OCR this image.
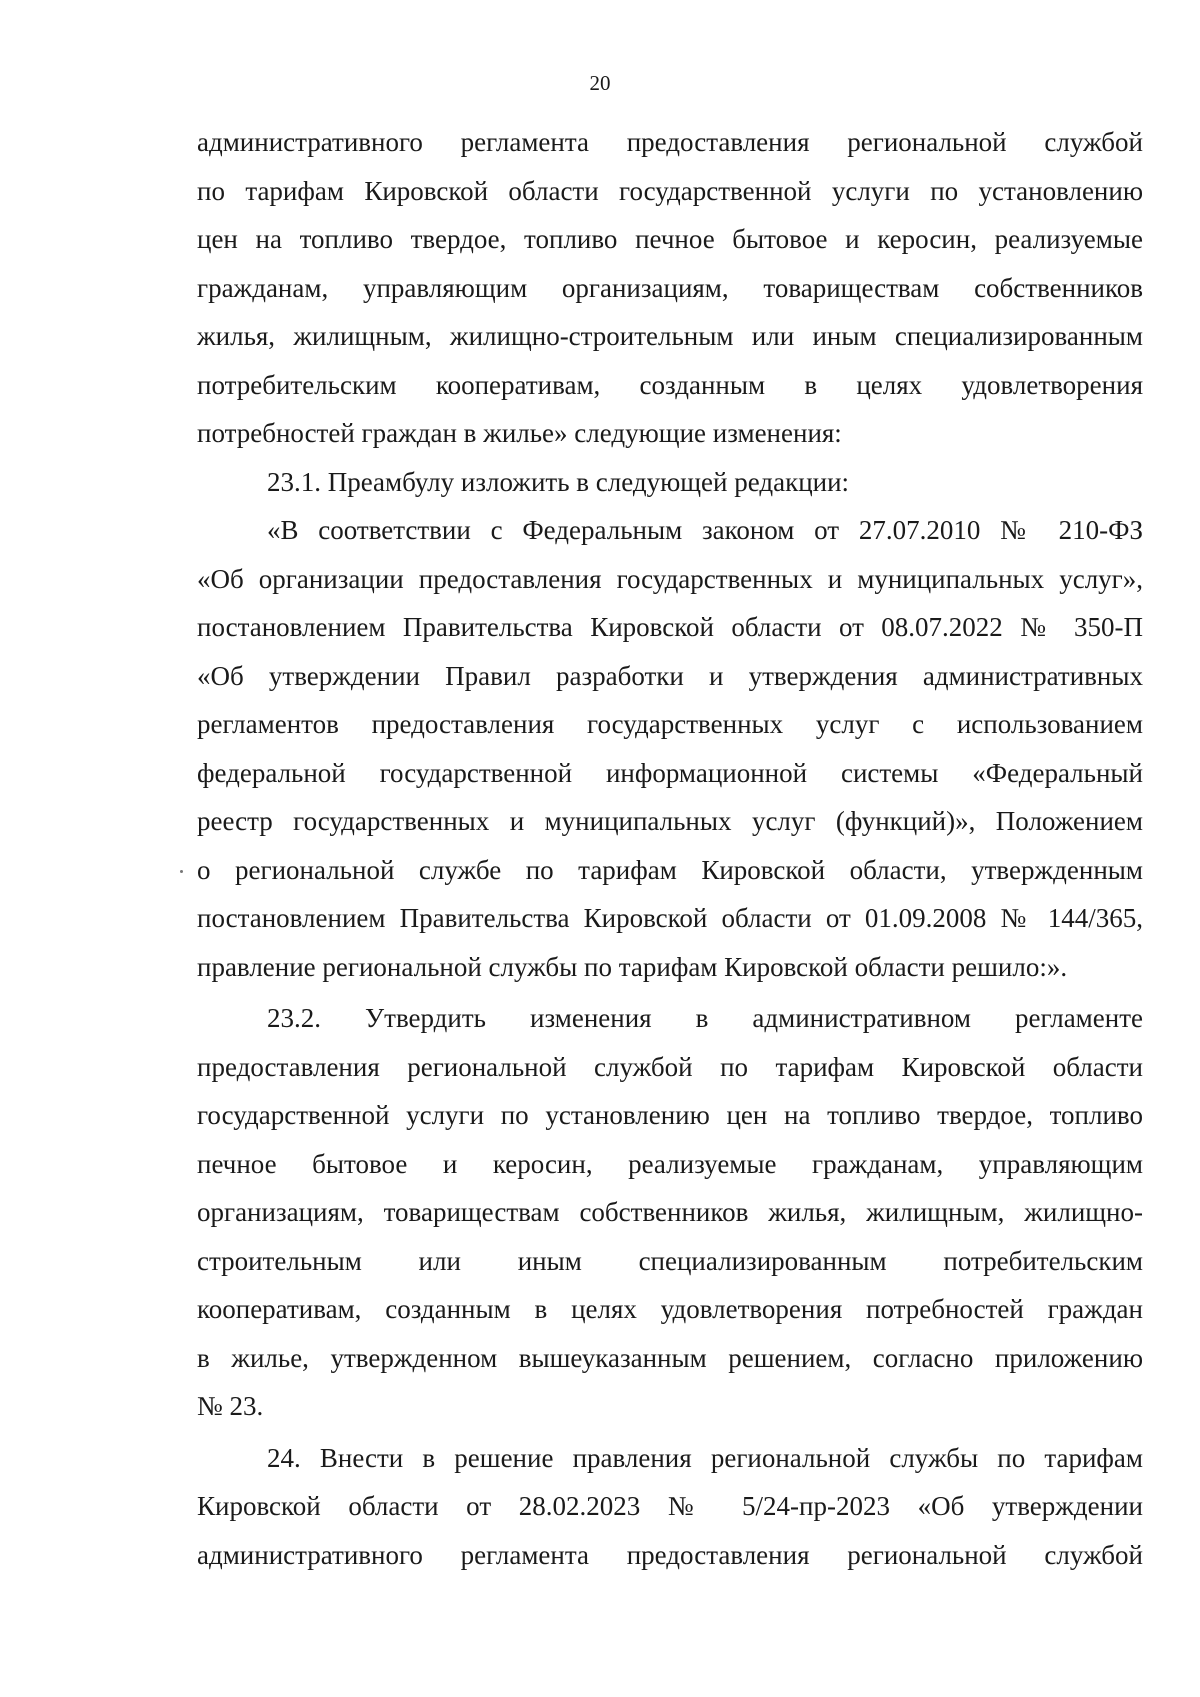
20
административного регламента предоставления региональной службой
по тарифам Кировской области государственной услуги по установлению
цен на топливо твердое, топливо печное бытовое и керосин, реализуемые
гражданам, управляющим организациям, товариществам собственников
жилья, жилищным, жилищно-строительным или иным специализированным
потребительским кооперативам, созданным в целях удовлетворения
потребностей граждан в жилье» следующие изменения:
23.1. Преамбулу изложить в следующей редакции:
«В соответствии с Федеральным законом от 27.07.2010 № 210-ФЗ
«Об организации предоставления государственных и муниципальных услуг»,
постановлением Правительства Кировской области от 08.07.2022 № 350-П
«Об утверждении Правил разработки и утверждения административных
регламентов предоставления государственных услуг с использованием
федеральной государственной информационной системы «Федеральный
реестр государственных и муниципальных услуг (функций)», Положением
о региональной службе по тарифам Кировской области, утвержденным
постановлением Правительства Кировской области от 01.09.2008 № 144/365,
правление региональной службы по тарифам Кировской области решило:».
23.2. Утвердить изменения в административном регламенте
предоставления региональной службой по тарифам Кировской области
государственной услуги по установлению цен на топливо твердое, топливо
печное бытовое и керосин, реализуемые гражданам, управляющим
организациям, товариществам собственников жилья, жилищным, жилищно-
строительным или иным специализированным потребительским
кооперативам, созданным в целях удовлетворения потребностей граждан
в жилье, утвержденном вышеуказанным решением, согласно приложению
№ 23.
24. Внести в решение правления региональной службы по тарифам
Кировской области от 28.02.2023 № 5/24-пр-2023 «Об утверждении
административного регламента предоставления региональной службой
